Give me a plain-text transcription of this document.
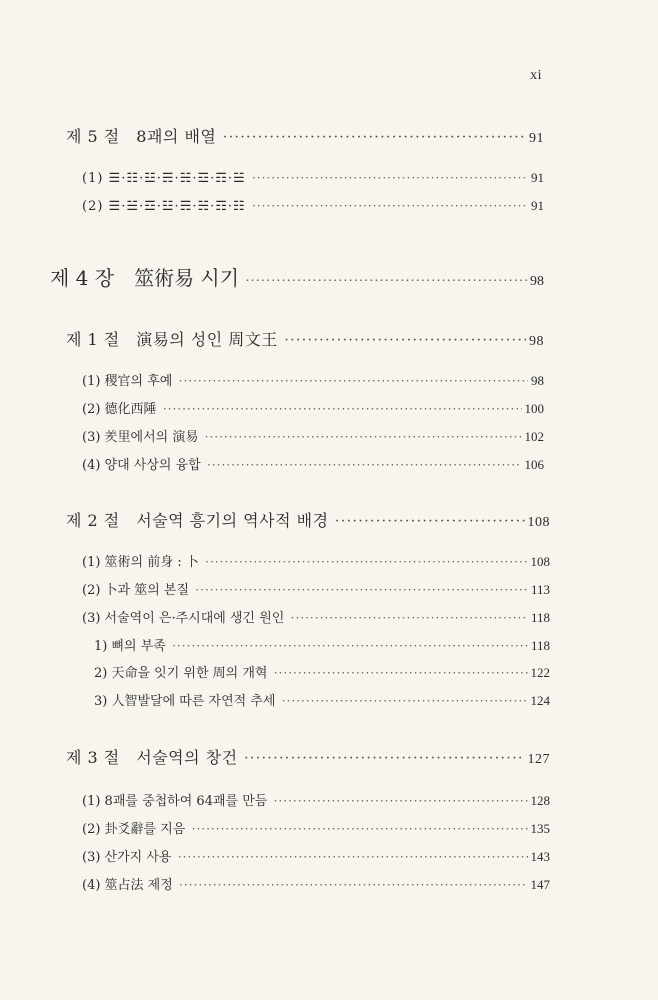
xi
제 5 절　8괘의 배열 ·····	91
(1) ☰·☷·☳·☴·☵·☲·☶·☱ ·····	91
(2) ☰·☱·☲·☳·☴·☵·☶·☷ ·····	91
제 4 장　筮術易 시기 ·····	98
제 1 절　演易의 성인 周文王 ·····	98
(1) 稷官의 후예 ·····	98
(2) 德化西陲 ·····	100
(3) 羑里에서의 演易 ·····	102
(4) 양대 사상의 융합 ·····	106
제 2 절　서술역 흥기의 역사적 배경 ·····	108
(1) 筮術의 前身 : 卜 ·····	108
(2) 卜과 筮의 본질 ·····	113
(3) 서술역이 은·주시대에 생긴 원인 ·····	118
1) 뼈의 부족 ·····	118
2) 天命을 잇기 위한 周의 개혁 ·····	122
3) 人智발달에 따른 자연적 추세 ·····	124
제 3 절　서술역의 창건 ·····	127
(1) 8괘를 중첩하여 64괘를 만듬 ·····	128
(2) 卦爻辭를 지음 ·····	135
(3) 산가지 사용 ·····	143
(4) 筮占法 제정 ·····	147
